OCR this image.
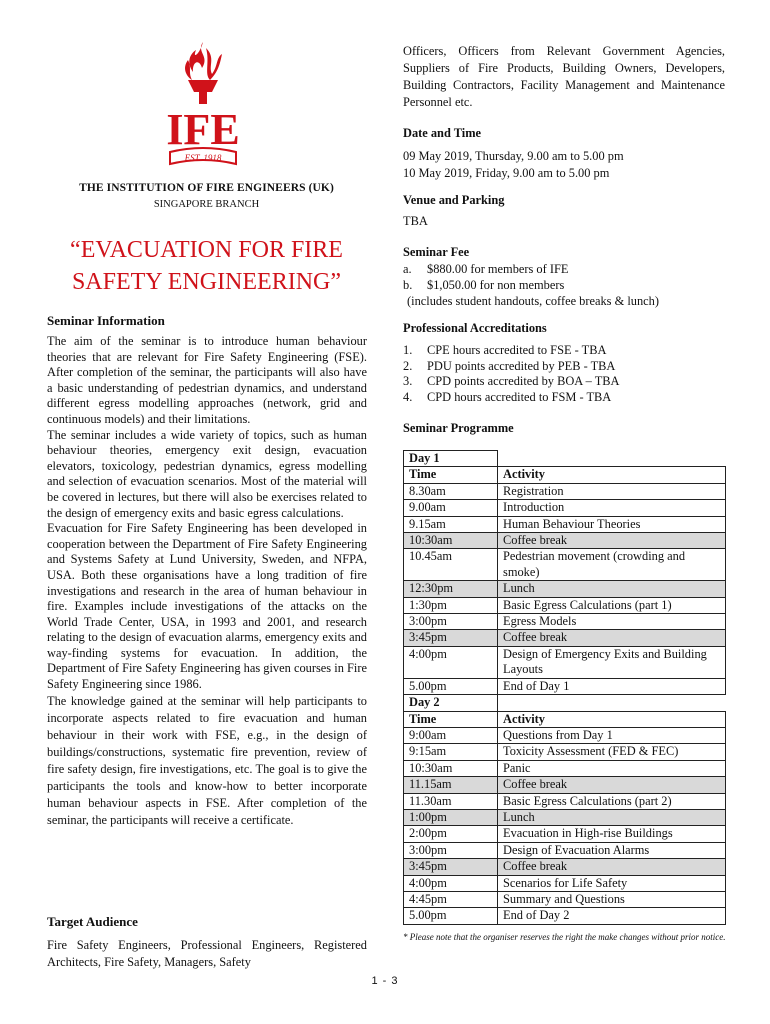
IFE
EST. 1918
THE INSTITUTION OF FIRE ENGINEERS (UK)
SINGAPORE BRANCH
“EVACUATION FOR FIRE
SAFETY ENGINEERING”
Seminar Information

The aim of the seminar is to introduce human behaviour theories that are relevant for Fire Safety Engineering (FSE). After completion of the seminar, the participants will also have a basic understanding of pedestrian dynamics, and understand different egress modelling approaches (network, grid and continuous models) and their limitations.

The seminar includes a wide variety of topics, such as human behaviour theories, emergency exit design, evacuation elevators, toxicology, pedestrian dynamics, egress modelling and selection of evacuation scenarios. Most of the material will be covered in lectures, but there will also be exercises related to the design of emergency exits and basic egress calculations.

Evacuation for Fire Safety Engineering has been developed in cooperation between the Department of Fire Safety Engineering and Systems Safety at Lund University, Sweden, and NFPA, USA. Both these organisations have a long tradition of fire investigations and research in the area of human behaviour in fire. Examples include investigations of the attacks on the World Trade Center, USA, in 1993 and 2001, and research relating to the design of evacuation alarms, emergency exits and way-finding systems for evacuation. In addition, the Department of Fire Safety Engineering has given courses in Fire Safety Engineering since 1986.

The knowledge gained at the seminar will help participants to incorporate aspects related to fire evacuation and human behaviour in their work with FSE, e.g., in the design of buildings/constructions, systematic fire prevention, review of fire safety design, fire investigations, etc. The goal is to give the participants the tools and know-how to better incorporate human behaviour aspects in FSE. After completion of the seminar, the participants will receive a certificate.

Target Audience
Fire Safety Engineers, Professional Engineers, Registered Architects, Fire Safety, Managers, Safety
Officers, Officers from Relevant Government Agencies, Suppliers of Fire Products, Building Owners, Developers, Building Contractors, Facility Management and Maintenance Personnel etc.
Date and Time
09 May 2019, Thursday, 9.00 am to 5.00 pm
10 May 2019, Friday, 9.00 am to 5.00 pm
Venue and Parking
TBA
Seminar Fee
a.	$880.00 for members of IFE
b.	$1,050.00 for non members
(includes student handouts, coffee breaks & lunch)
Professional Accreditations
1.	CPE hours accredited to FSE - TBA
2.	PDU points accredited by PEB - TBA
3.	CPD points accredited by BOA – TBA
4.	CPD hours accredited to FSM - TBA
Seminar Programme
Day 1	
Time	Activity
8.30am	Registration
9.00am	Introduction
9.15am	Human Behaviour Theories
10:30am	Coffee break
10.45am	Pedestrian movement (crowding and smoke)
12:30pm	Lunch
1:30pm	Basic Egress Calculations (part 1)
3:00pm	Egress Models
3:45pm	Coffee break
4:00pm	Design of Emergency Exits and Building Layouts
5.00pm	End of Day 1
Day 2	
Time	Activity
9:00am	Questions from Day 1
9:15am	Toxicity Assessment (FED & FEC)
10:30am	Panic
11.15am	Coffee break
11.30am	Basic Egress Calculations (part 2)
1:00pm	Lunch
2:00pm	Evacuation in High-rise Buildings
3:00pm	Design of Evacuation Alarms
3:45pm	Coffee break
4:00pm	Scenarios for Life Safety
4:45pm	Summary and Questions
5.00pm	End of Day 2
* Please note that the organiser reserves the right the make changes without prior notice.
1 - 3
